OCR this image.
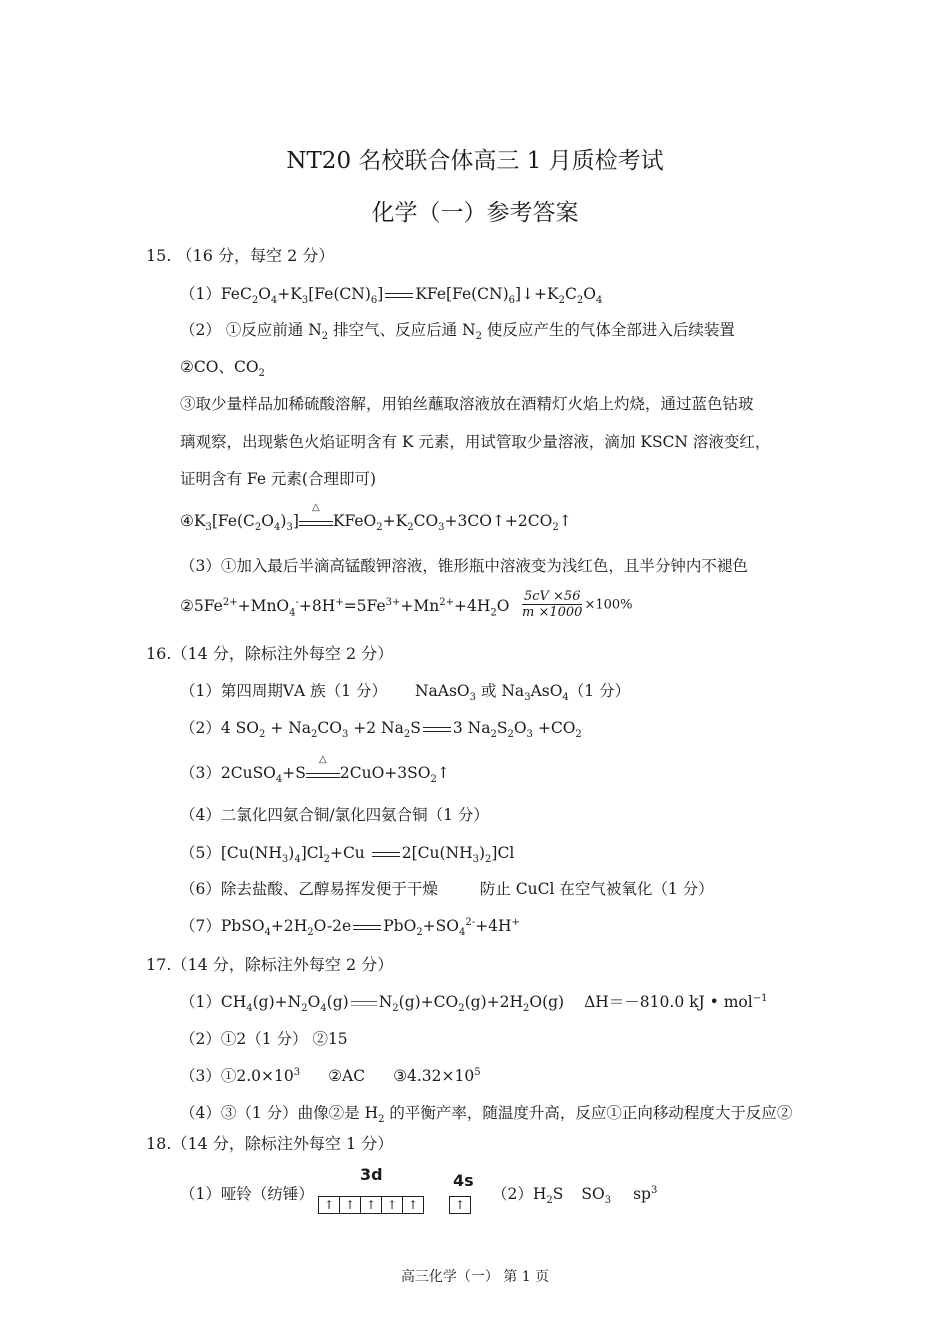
NT20 名校联合体高三 1 月质检考试
化学（一）参考答案
15. （16 分，每空 2 分）
$(1)FeC_2O_4+K_3[Fe(CN)_6]$ $KFe[Fe(CN)_6]↓+K_2C_2O_4$
（2） ①反应前通 $N_2$ 排空气、反应后通 $N_2$ 使反应产生的气体全部进入后续装置
②CO、$CO_2$
③取少量样品加稀硫酸溶解，用铂丝蘸取溶液放在酒精灯火焰上灼烧，通过蓝色钴玻
璃观察，出现紫色火焰证明含有 K 元素，用试管取少量溶液，滴加 KSCN 溶液变红，
证明含有 Fe 元素(合理即可)
$④K_3[Fe(C_2O_4)_3]$
△
$KFeO_2+K_2CO_3+3CO↑+2CO_2↑$
（3）①加入最后半滴高锰酸钾溶液，锥形瓶中溶液变为浅红色，且半分钟内不褪色
$②5Fe^{2+}+MnO_4^-+8H^+=5Fe^{3+}+Mn^{2+}+4H_2O \frac{5cV \times 56}{m \times 1000} \times 100\%$
16.（14 分，除标注外每空 2 分）
（1）第四周期ⅤA 族（1 分） NaAsO$_3$ 或 $Na_3AsO_4(1$ 分）
（2）4 $SO_2 + Na_2CO_3 +2$ $Na_2S$ 3 $Na_2S_2O_3 +CO_2$
（3）2CuSO$_4$+S
△
$2CuO+3SO_2↑$
（4）二氯化四氨合铜/氯化四氨合铜（1 分）
$(5)[Cu(NH_3)_4]Cl_2+Cu$ $2[Cu(NH_3)_2]Cl$
（6）除去盐酸、乙醇易挥发便于干燥	防止 CuCl 在空气被氧化（1 分）
$(7)PbSO_4+2H_2O-2e$ $PbO_2+SO_4^{2-}+4H^+$
17.（14 分，除标注外每空 2 分）
$(1)CH_4(g)+N_2O_4(g)$ $N_2(g)+CO_2(g)+2H_2O(g)$ ΔH＝－810.0 kJ • mol$^{-1}$
（2）①2（1 分） ②15
$(3)①2.0\times 10^3$ ②AC $③4.32\times 10^5$
（4）③（1 分）曲像②是 $H_2$ 的平衡产率，随温度升高，反应①正向移动程度大于反应②
18.（14 分，除标注外每空 1 分）
（1）哑铃（纺锤）
3d	4s
↑ ↑ ↑ ↑ ↑	↑
$(2)H_2S$ $SO_3$ $sp^3$
高三化学（一） 第 1 页
